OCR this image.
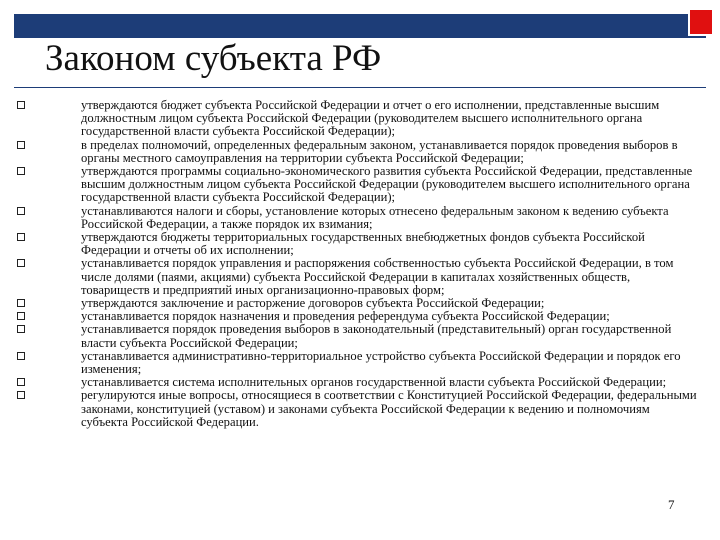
Законом субъекта РФ
утверждаются бюджет субъекта Российской Федерации и отчет о его исполнении, представленные высшим должностным лицом субъекта Российской Федерации (руководителем высшего исполнительного органа государственной власти субъекта Российской Федерации);
в пределах полномочий, определенных федеральным законом, устанавливается порядок проведения выборов в органы местного самоуправления на территории субъекта Российской Федерации;
утверждаются программы социально-экономического развития субъекта Российской Федерации, представленные высшим должностным лицом субъекта Российской Федерации (руководителем высшего исполнительного органа государственной власти субъекта Российской Федерации);
устанавливаются налоги и сборы, установление которых отнесено федеральным законом к ведению субъекта Российской Федерации, а также порядок их взимания;
утверждаются бюджеты территориальных государственных внебюджетных фондов субъекта Российской Федерации и отчеты об их исполнении;
устанавливается порядок управления и распоряжения собственностью субъекта Российской Федерации, в том числе долями (паями, акциями) субъекта Российской Федерации в капиталах хозяйственных обществ, товариществ и предприятий иных организационно-правовых форм;
утверждаются заключение и расторжение договоров субъекта Российской Федерации;
устанавливается порядок назначения и проведения референдума субъекта Российской Федерации;
устанавливается порядок проведения выборов в законодательный (представительный) орган государственной власти субъекта Российской Федерации;
устанавливается административно-территориальное устройство субъекта Российской Федерации и порядок его изменения;
устанавливается система исполнительных органов государственной власти субъекта Российской Федерации;
регулируются иные вопросы, относящиеся в соответствии с Конституцией Российской Федерации, федеральными законами, конституцией (уставом) и законами субъекта Российской Федерации к ведению и полномочиям субъекта Российской Федерации.
7
